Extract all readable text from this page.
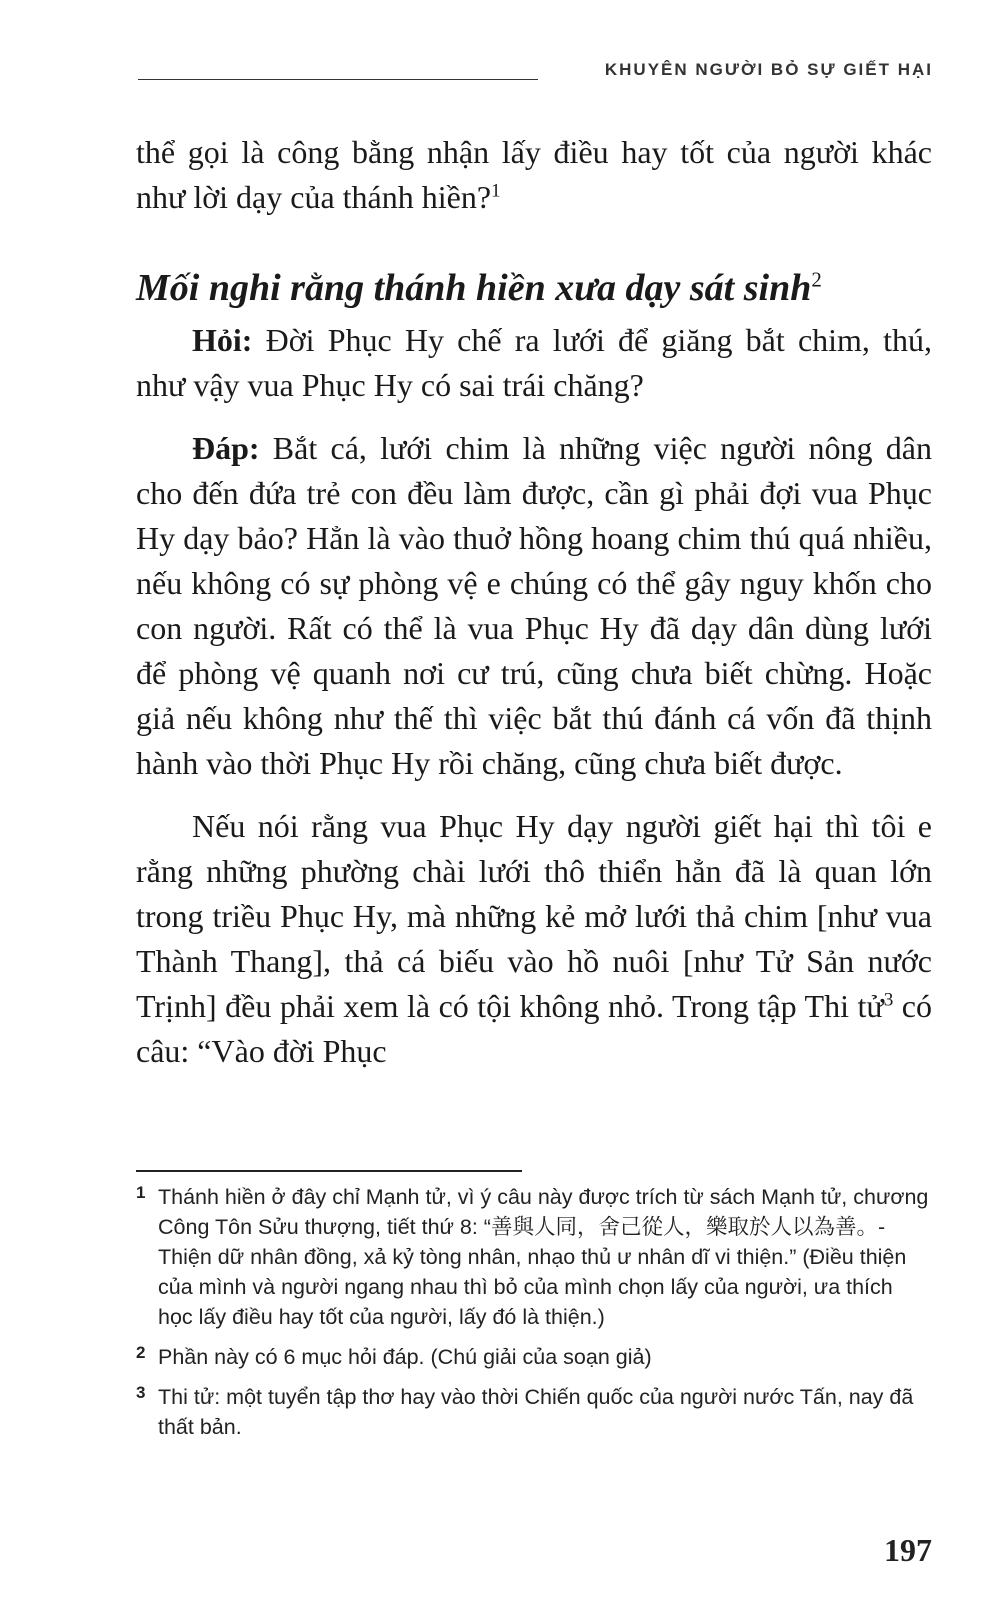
KHUYÊN NGƯỜI BỎ SỰ GIẾT HẠI

thể gọi là công bằng nhận lấy điều hay tốt của người khác như lời dạy của thánh hiền?$^1$

Mối nghi rằng thánh hiền xưa dạy sát $\sinh^2$

Hỏi: Đời Phục Hy chế ra lưới để giăng bắt chim, thú, như vậy vua Phục Hy có sai trái chăng?

Đáp: Bắt cá, lưới chim là những việc người nông dân cho đến đứa trẻ con đều làm được, cần gì phải đợi vua Phục Hy dạy bảo? Hẳn là vào thuở hồng hoang chim thú quá nhiều, nếu không có sự phòng vệ e chúng có thể gây nguy khốn cho con người. Rất có thể là vua Phục Hy đã dạy dân dùng lưới để phòng vệ quanh nơi cư trú, cũng chưa biết chừng. Hoặc giả nếu không như thế thì việc bắt thú đánh cá vốn đã thịnh hành vào thời Phục Hy rồi chăng, cũng chưa biết được.

Nếu nói rằng vua Phục Hy dạy người giết hại thì tôi e rằng những phường chài lưới thô thiển hẳn đã là quan lớn trong triều Phục Hy, mà những kẻ mở lưới thả chim [như vua Thành Thang], thả cá biếu vào hồ nuôi [như Tử Sản nước Trịnh] đều phải xem là có tội không nhỏ. Trong tập Thi tử$^3$ có câu: “Vào đời Phục

1 Thánh hiền ở đây chỉ Mạnh tử, vì ý câu này được trích từ sách Mạnh tử, chương Công Tôn Sửu thượng, tiết thứ 8: “善與人同，舍己從人，樂取於人以為善。- Thiện dữ nhân đồng, xả kỷ tòng nhân, nhạo thủ ư nhân dĩ vi thiện.” (Điều thiện của mình và người ngang nhau thì bỏ của mình chọn lấy của người, ưa thích học lấy điều hay tốt của người, lấy đó là thiện.)
2 Phần này có 6 mục hỏi đáp. (Chú giải của soạn giả)
3 Thi tử: một tuyển tập thơ hay vào thời Chiến quốc của người nước Tấn, nay đã thất bản.
197
